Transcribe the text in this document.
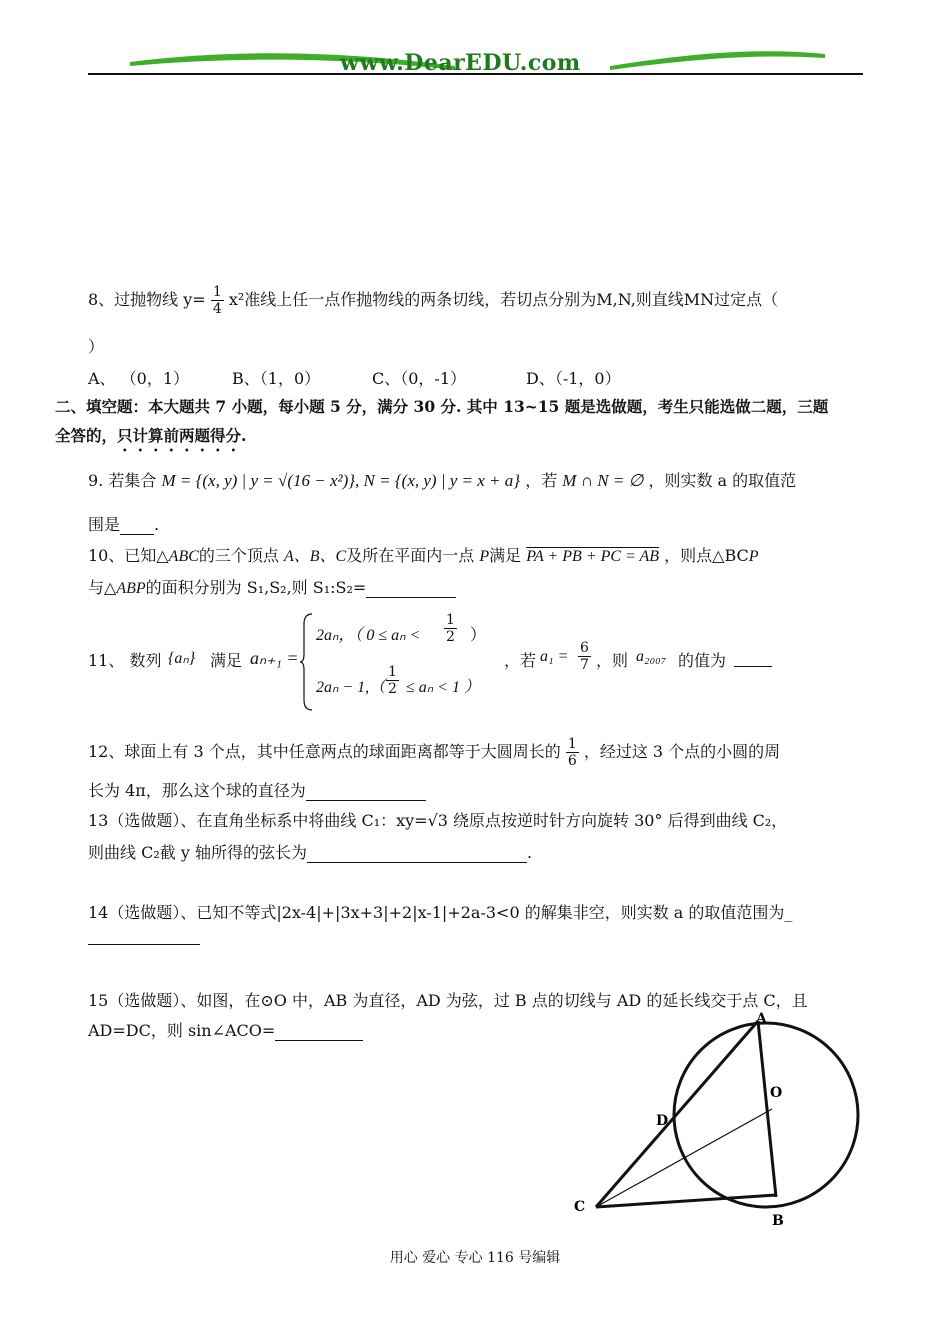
www.DearEDU.com
8、过抛物线 $y= \frac{1}{4} x^2$准线上任一点作抛物线的两条切线，若切点分别为M,N,则直线MN过定点（
）
A、 （0，1）	B、（1，0）	C、（0，-1）	D、（-1，0）
二、填空题：本大题共 7 小题，每小题 5 分，满分 30 分. 其中 13~15 题是选做题，考生只能选做二题，三题
全答的，只计算前两题得分.
9. 若集合 M = {(x, y) | y = √(16 − x²)}, N = {(x, y) | y = x + a} ，若 M ∩ N = ∅ ，则实数 a 的取值范
围是 .
10、已知△ABC的三个顶点 A、B、C及所在平面内一点 P满足 PA + PB + PC = AB ，则点△BCP
与△ABP的面积分别为 S₁,S₂,则 S₁:S₂=
11、 数列 {aₙ} 满足 aₙ₊₁ =
2aₙ，（ $0 \le a_n < \frac{1}{2}$ ）
$2a_n - 1,( \frac{1}{2} \le a_n < 1$ ）
，若 $a_1 = \frac{6}{7}$ ，则 a₂₀₀₇ 的值为
12、球面上有 3 个点，其中任意两点的球面距离都等于大圆周长的 $\frac{1}{6}$ ，经过这 3 个点的小圆的周
长为 4π，那么这个球的直径为
13（选做题）、在直角坐标系中将曲线 C₁：xy=√3 绕原点按逆时针方向旋转 30° 后得到曲线 C₂，
则曲线 C₂截 y 轴所得的弦长为	.
14（选做题）、已知不等式|2x-4|+|3x+3|+2|x-1|+2a-3<0 的解集非空，则实数 a 的取值范围为_
15（选做题）、如图，在⊙O 中，AB 为直径，AD 为弦，过 B 点的切线与 AD 的延长线交于点 C，且
AD=DC，则 sin∠ACO=
A
O
D
C
B
用心 爱心 专心 116 号编辑
